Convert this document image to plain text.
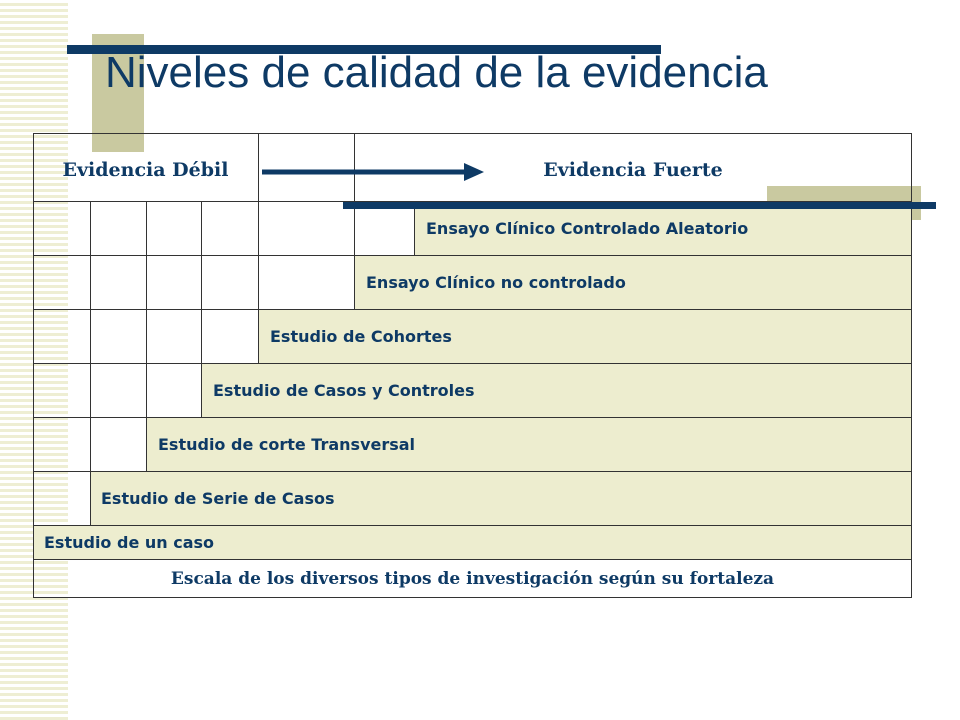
Niveles de calidad de la evidencia
Evidencia Débil	Evidencia Fuerte
Ensayo Clínico Controlado Aleatorio
Ensayo Clínico no controlado
Estudio de Cohortes
Estudio de Casos y Controles
Estudio de corte Transversal
Estudio de Serie de Casos
Estudio de un caso
Escala de los diversos tipos de investigación según su fortaleza
